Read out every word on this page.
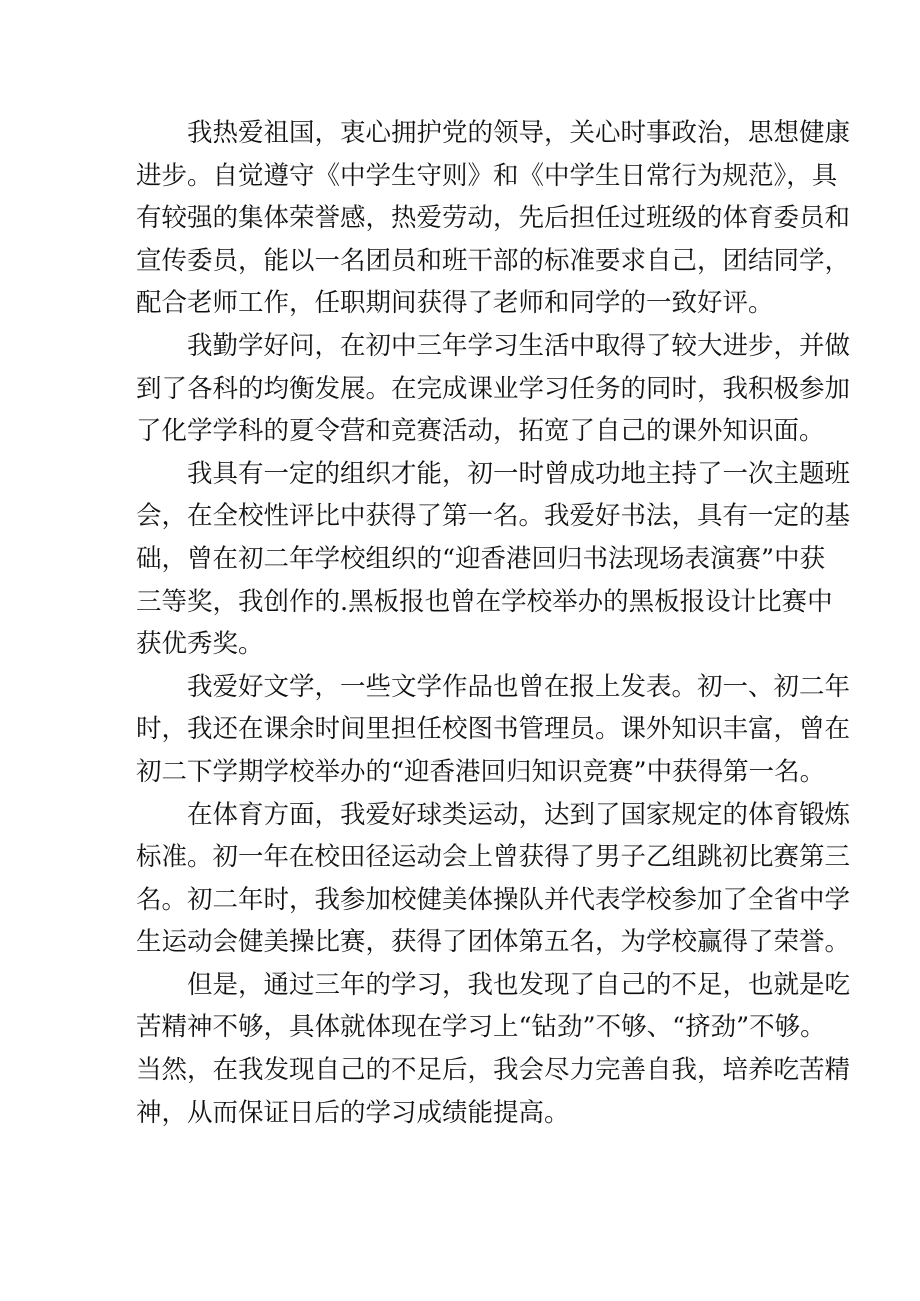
我热爱祖国，衷心拥护党的领导，关心时事政治，思想健康
进步。自觉遵守《中学生守则》和《中学生日常行为规范》，具
有较强的集体荣誉感，热爱劳动，先后担任过班级的体育委员和
宣传委员，能以一名团员和班干部的标准要求自己，团结同学，
配合老师工作，任职期间获得了老师和同学的一致好评。
我勤学好问，在初中三年学习生活中取得了较大进步，并做
到了各科的均衡发展。在完成课业学习任务的同时，我积极参加
了化学学科的夏令营和竞赛活动，拓宽了自己的课外知识面。
我具有一定的组织才能，初一时曾成功地主持了一次主题班
会，在全校性评比中获得了第一名。我爱好书法，具有一定的基
础，曾在初二年学校组织的“迎香港回归书法现场表演赛”中获
三等奖，我创作的.黑板报也曾在学校举办的黑板报设计比赛中
获优秀奖。
我爱好文学，一些文学作品也曾在报上发表。初一、初二年
时，我还在课余时间里担任校图书管理员。课外知识丰富，曾在
初二下学期学校举办的“迎香港回归知识竞赛”中获得第一名。
在体育方面，我爱好球类运动，达到了国家规定的体育锻炼
标准。初一年在校田径运动会上曾获得了男子乙组跳初比赛第三
名。初二年时，我参加校健美体操队并代表学校参加了全省中学
生运动会健美操比赛，获得了团体第五名，为学校赢得了荣誉。
但是，通过三年的学习，我也发现了自己的不足，也就是吃
苦精神不够，具体就体现在学习上“钻劲”不够、“挤劲”不够。
当然，在我发现自己的不足后，我会尽力完善自我，培养吃苦精
神，从而保证日后的学习成绩能提高。
